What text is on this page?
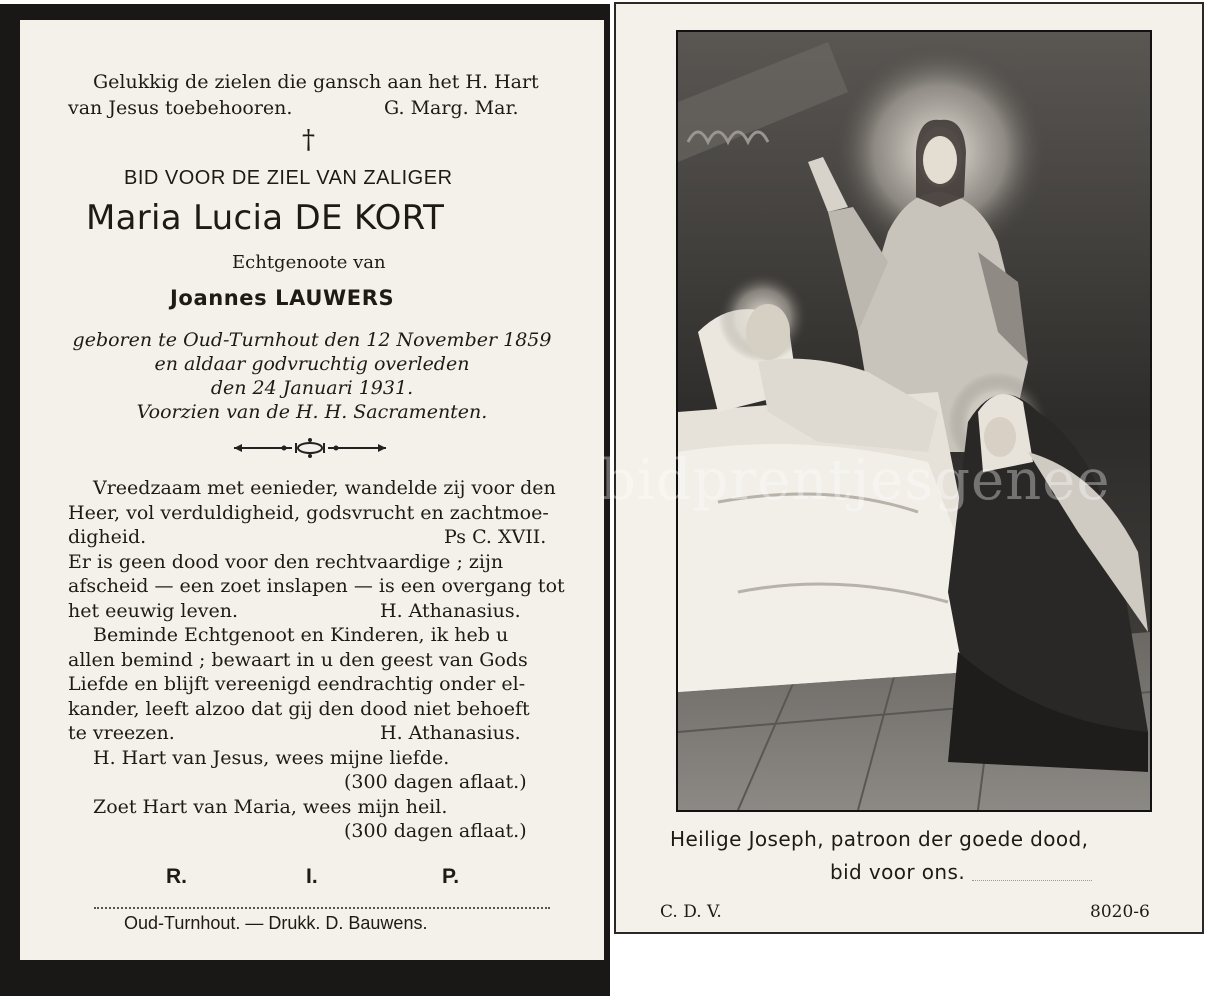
Gelukkig de zielen die gansch aan het H. Hart
van Jesus toebehooren.	G. Marg. Mar.
†
BID VOOR DE ZIEL VAN ZALIGER
Maria Lucia DE KORT
Echtgenoote van
Joannes LAUWERS
geboren te Oud-Turnhout den 12 November 1859
en aldaar godvruchtig overleden
den 24 Januari 1931.
Voorzien van de H. H. Sacramenten.
Vreedzaam met eenieder, wandelde zij voor den
Heer, vol verduldigheid, godsvrucht en zachtmoe-
digheid.	Ps C. XVII.
Er is geen dood voor den rechtvaardige ; zijn
afscheid — een zoet inslapen — is een overgang tot
het eeuwig leven.	H. Athanasius.
Beminde Echtgenoot en Kinderen, ik heb u
allen bemind ; bewaart in u den geest van Gods
Liefde en blijft vereenigd eendrachtig onder el-
kander, leeft alzoo dat gij den dood niet behoeft
te vreezen.	H. Athanasius.
H. Hart van Jesus, wees mijne liefde.
(300 dagen aflaat.)
Zoet Hart van Maria, wees mijn heil.
(300 dagen aflaat.)
R.	I.	P.
Oud-Turnhout. — Drukk. D. Bauwens.
Heilige Joseph, patroon der goede dood,
bid voor ons.
C. D. V.	8020-6
bidprentjesgenee
